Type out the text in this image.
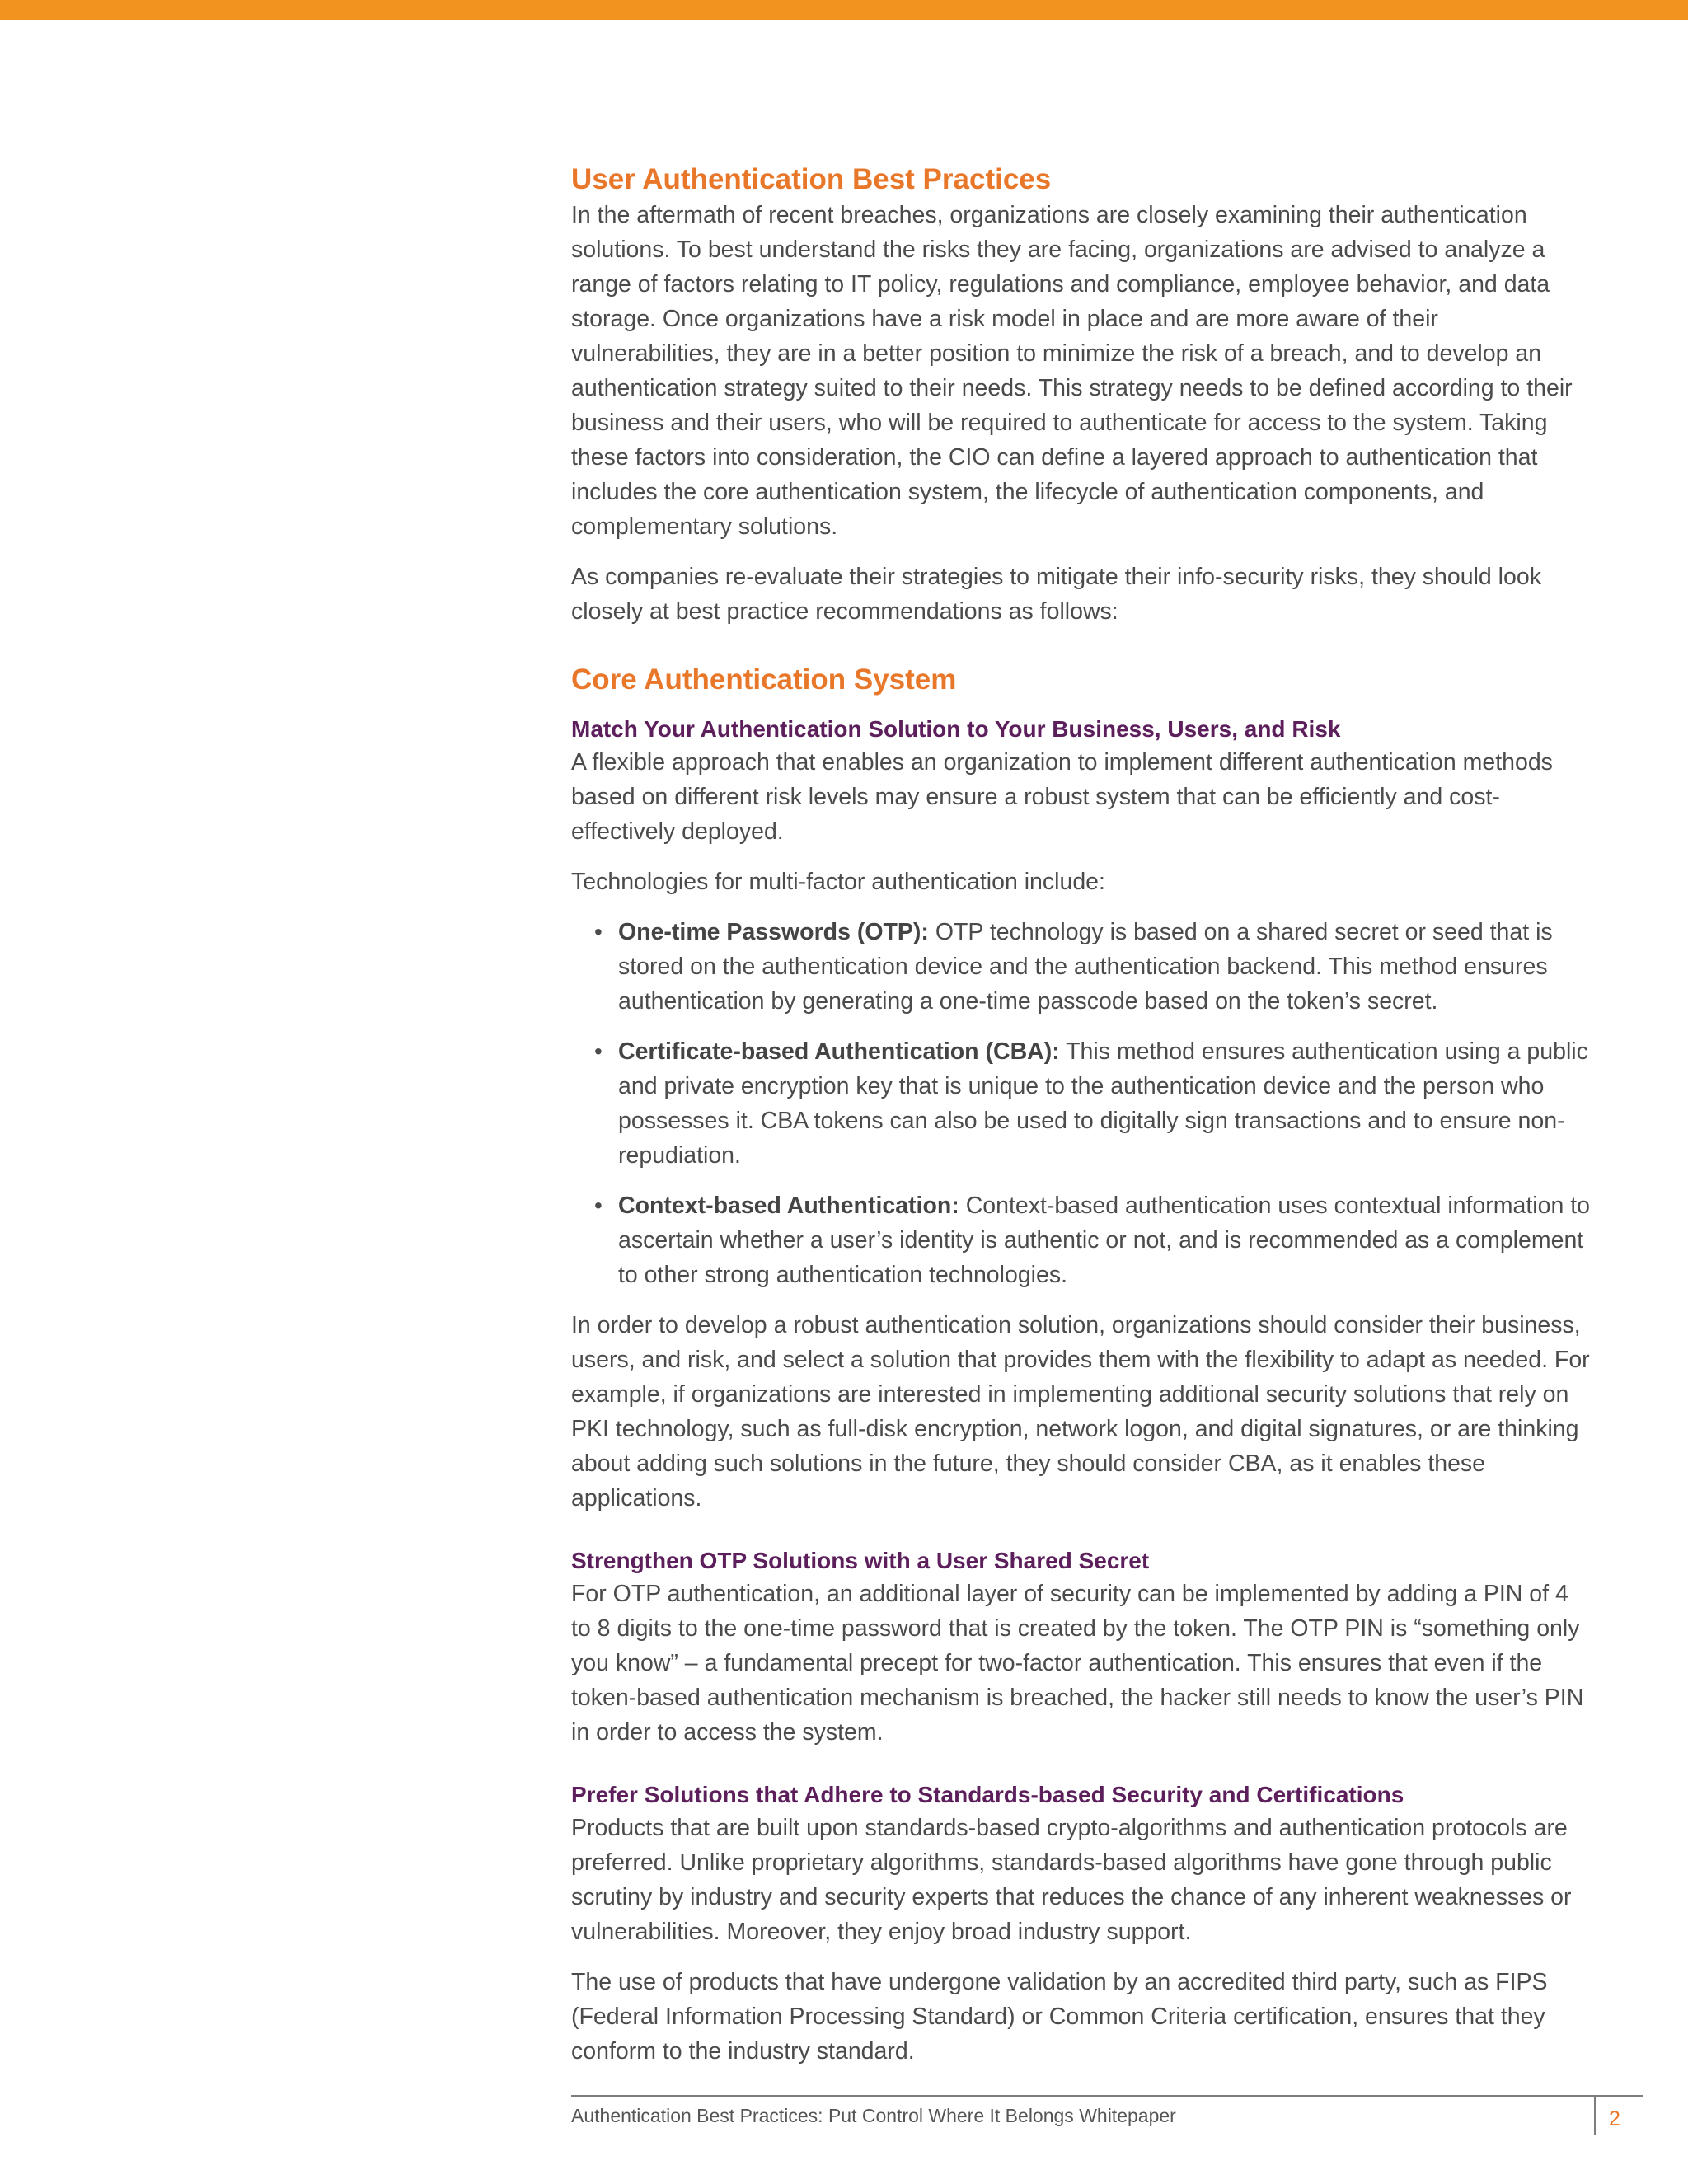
User Authentication Best Practices

In the aftermath of recent breaches, organizations are closely examining their authentication solutions. To best understand the risks they are facing, organizations are advised to analyze a range of factors relating to IT policy, regulations and compliance, employee behavior, and data storage. Once organizations have a risk model in place and are more aware of their vulnerabilities, they are in a better position to minimize the risk of a breach, and to develop an authentication strategy suited to their needs. This strategy needs to be defined according to their business and their users, who will be required to authenticate for access to the system. Taking these factors into consideration, the CIO can define a layered approach to authentication that includes the core authentication system, the lifecycle of authentication components, and complementary solutions.

As companies re-evaluate their strategies to mitigate their info-security risks, they should look closely at best practice recommendations as follows:

Core Authentication System
Match Your Authentication Solution to Your Business, Users, and Risk

A flexible approach that enables an organization to implement different authentication methods based on different risk levels may ensure a robust system that can be efficiently and cost-effectively deployed.

Technologies for multi-factor authentication include:

• One-time Passwords (OTP): OTP technology is based on a shared secret or seed that is stored on the authentication device and the authentication backend. This method ensures authentication by generating a one-time passcode based on the token’s secret.
• Certificate-based Authentication (CBA): This method ensures authentication using a public and private encryption key that is unique to the authentication device and the person who possesses it. CBA tokens can also be used to digitally sign transactions and to ensure non-repudiation.
• Context-based Authentication: Context-based authentication uses contextual information to ascertain whether a user’s identity is authentic or not, and is recommended as a complement to other strong authentication technologies.

In order to develop a robust authentication solution, organizations should consider their business, users, and risk, and select a solution that provides them with the flexibility to adapt as needed. For example, if organizations are interested in implementing additional security solutions that rely on PKI technology, such as full-disk encryption, network logon, and digital signatures, or are thinking about adding such solutions in the future, they should consider CBA, as it enables these applications.

Strengthen OTP Solutions with a User Shared Secret

For OTP authentication, an additional layer of security can be implemented by adding a PIN of 4 to 8 digits to the one-time password that is created by the token. The OTP PIN is “something only you know” – a fundamental precept for two-factor authentication. This ensures that even if the token-based authentication mechanism is breached, the hacker still needs to know the user’s PIN in order to access the system.

Prefer Solutions that Adhere to Standards-based Security and Certifications

Products that are built upon standards-based crypto-algorithms and authentication protocols are preferred. Unlike proprietary algorithms, standards-based algorithms have gone through public scrutiny by industry and security experts that reduces the chance of any inherent weaknesses or vulnerabilities. Moreover, they enjoy broad industry support.

The use of products that have undergone validation by an accredited third party, such as FIPS (Federal Information Processing Standard) or Common Criteria certification, ensures that they conform to the industry standard.

Authentication Best Practices: Put Control Where It Belongs Whitepaper	2
